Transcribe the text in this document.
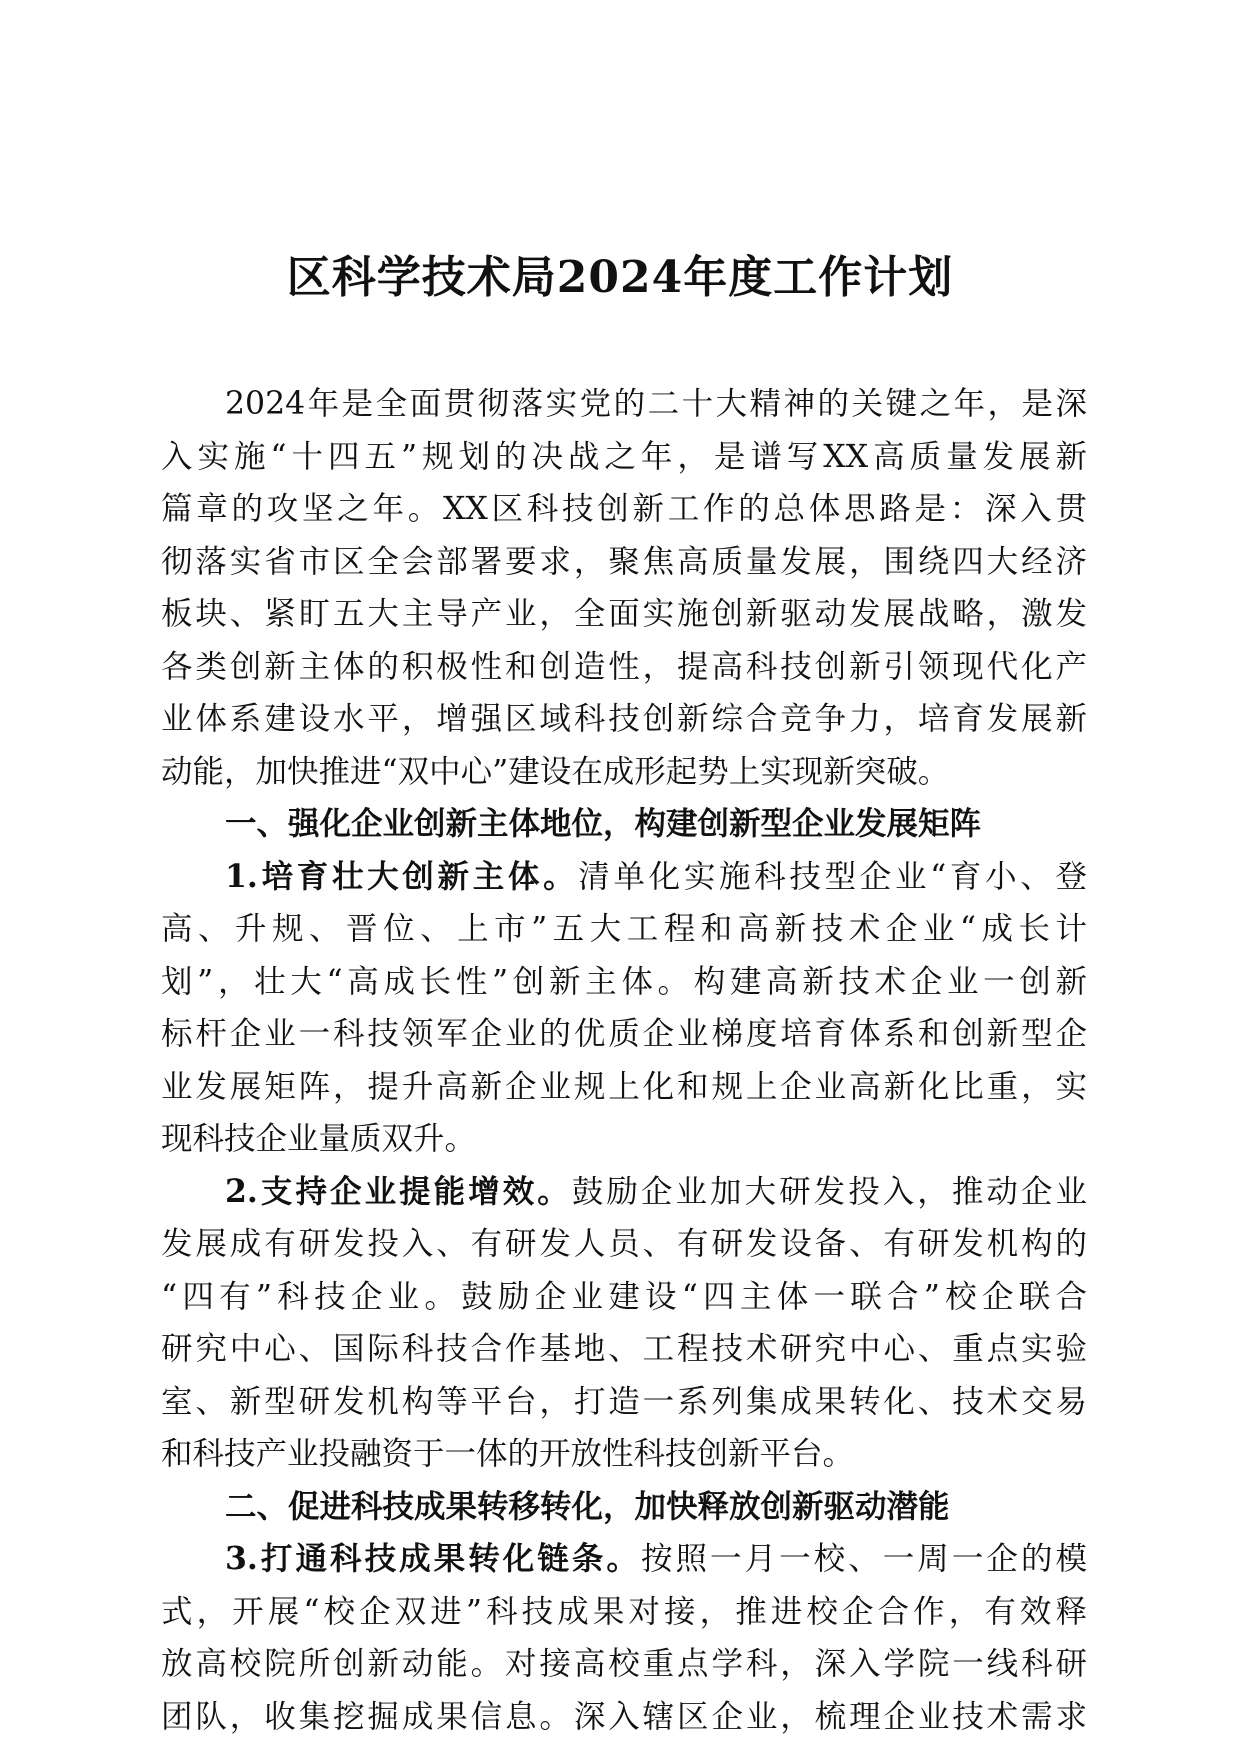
区科学技术局2024年度工作计划
2024年是全面贯彻落实党的二十大精神的关键之年，是深
入实施“十四五”规划的决战之年，是谱写XX高质量发展新
篇章的攻坚之年。XX区科技创新工作的总体思路是：深入贯
彻落实省市区全会部署要求，聚焦高质量发展，围绕四大经济
板块、紧盯五大主导产业，全面实施创新驱动发展战略，激发
各类创新主体的积极性和创造性，提高科技创新引领现代化产
业体系建设水平，增强区域科技创新综合竞争力，培育发展新
动能，加快推进“双中心”建设在成形起势上实现新突破。
一、强化企业创新主体地位，构建创新型企业发展矩阵
1.培育壮大创新主体。清单化实施科技型企业“育小、登
高、升规、晋位、上市”五大工程和高新技术企业“成长计
划”，壮大“高成长性”创新主体。构建高新技术企业一创新
标杆企业一科技领军企业的优质企业梯度培育体系和创新型企
业发展矩阵，提升高新企业规上化和规上企业高新化比重，实
现科技企业量质双升。
2.支持企业提能增效。鼓励企业加大研发投入，推动企业
发展成有研发投入、有研发人员、有研发设备、有研发机构的
“四有”科技企业。鼓励企业建设“四主体一联合”校企联合
研究中心、国际科技合作基地、工程技术研究中心、重点实验
室、新型研发机构等平台，打造一系列集成果转化、技术交易
和科技产业投融资于一体的开放性科技创新平台。
二、促进科技成果转移转化，加快释放创新驱动潜能
3.打通科技成果转化链条。按照一月一校、一周一企的模
式，开展“校企双进”科技成果对接，推进校企合作，有效释
放高校院所创新动能。对接高校重点学科，深入学院一线科研
团队，收集挖掘成果信息。深入辖区企业，梳理企业技术需求
